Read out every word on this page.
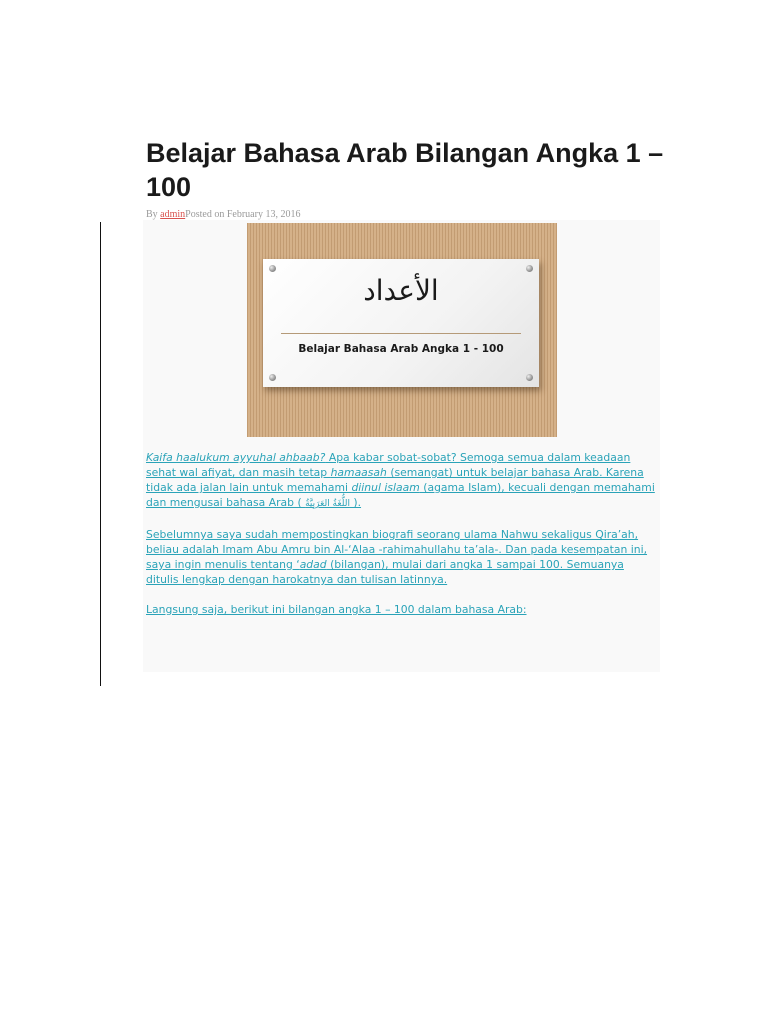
Belajar Bahasa Arab Bilangan Angka 1 – 100
By adminPosted on February 13, 2016
الأعداد
Belajar Bahasa Arab Angka 1 - 100

Kaifa haalukum ayyuhal ahbaab? Apa kabar sobat-sobat? Semoga semua dalam keadaan sehat wal afiyat, dan masih tetap hamaasah (semangat) untuk belajar bahasa Arab. Karena tidak ada jalan lain untuk memahami diinul islaam (agama Islam), kecuali dengan memahami dan mengusai bahasa Arab ( اللُّغَةُ العَرَبِيَّةُ ).

Sebelumnya saya sudah mempostingkan biografi seorang ulama Nahwu sekaligus Qira’ah, beliau adalah Imam Abu Amru bin Al-‘Alaa -rahimahullahu ta’ala-. Dan pada kesempatan ini, saya ingin menulis tentang ‘adad (bilangan), mulai dari angka 1 sampai 100. Semuanya ditulis lengkap dengan harokatnya dan tulisan latinnya.

Langsung saja, berikut ini bilangan angka 1 – 100 dalam bahasa Arab:
